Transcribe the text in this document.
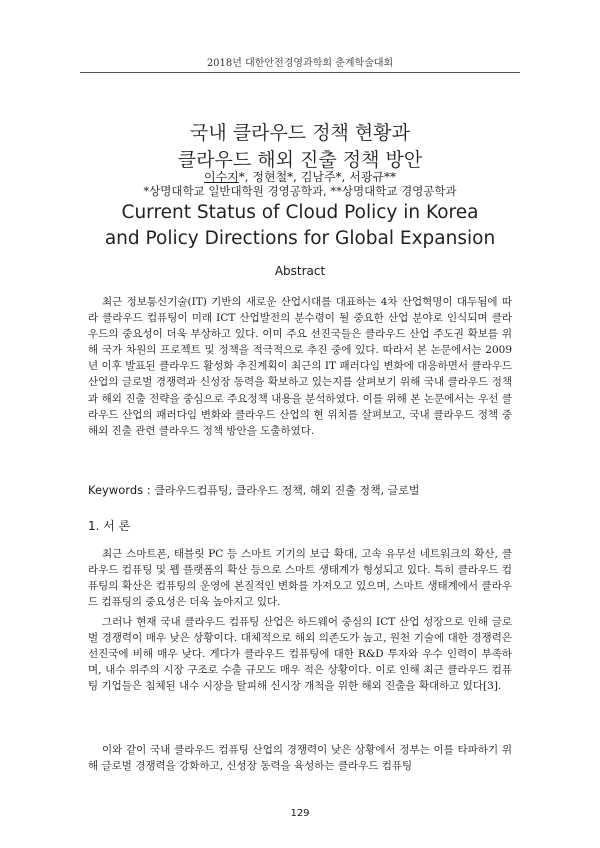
2018년 대한안전경영과학회 춘계학술대회
국내 클라우드 정책 현황과
클라우드 해외 진출 정책 방안
이수지*, 정현철*, 김남주*, 서광규**
*상명대학교 일반대학원 경영공학과, **상명대학교 경영공학과
Current Status of Cloud Policy in Korea
and Policy Directions for Global Expansion
Abstract

최근 정보통신기술(IT) 기반의 새로운 산업시대를 대표하는 4차 산업혁명이 대두됨에 따라 클라우드 컴퓨팅이 미래 ICT 산업발전의 분수령이 될 중요한 산업 분야로 인식되며 클라우드의 중요성이 더욱 부상하고 있다. 이미 주요 선진국들은 클라우드 산업 주도권 확보를 위해 국가 차원의 프로젝트 및 정책을 적극적으로 추진 중에 있다. 따라서 본 논문에서는 2009년 이후 발표된 클라우드 활성화 추진계획이 최근의 IT 패러다임 변화에 대응하면서 클라우드 산업의 글로벌 경쟁력과 신성장 동력을 확보하고 있는지를 살펴보기 위해 국내 클라우드 정책과 해외 진출 전략을 중심으로 주요정책 내용을 분석하였다. 이를 위해 본 논문에서는 우선 클라우드 산업의 패러다임 변화와 클라우드 산업의 현 위치를 살펴보고, 국내 클라우드 정책 중 해외 진출 관련 클라우드 정책 방안을 도출하였다.

Keywords : 클라우드컴퓨팅, 클라우드 정책, 해외 진출 정책, 글로벌
1. 서 론

최근 스마트폰, 태블릿 PC 등 스마트 기기의 보급 확대, 고속 유무선 네트워크의 확산, 클라우드 컴퓨팅 및 웹 플랫폼의 확산 등으로 스마트 생태계가 형성되고 있다. 특히 클라우드 컴퓨팅의 확산은 컴퓨팅의 운영에 본질적인 변화를 가져오고 있으며, 스마트 생태계에서 클라우드 컴퓨팅의 중요성은 더욱 높아지고 있다.

그러나 현재 국내 클라우드 컴퓨팅 산업은 하드웨어 중심의 ICT 산업 성장으로 인해 글로벌 경쟁력이 매우 낮은 상황이다. 대체적으로 해외 의존도가 높고, 원천 기술에 대한 경쟁력은 선진국에 비해 매우 낮다. 게다가 클라우드 컴퓨팅에 대한 R&D 투자와 우수 인력이 부족하며, 내수 위주의 시장 구조로 수출 규모도 매우 적은 상황이다. 이로 인해 최근 클라우드 컴퓨팅 기업들은 침체된 내수 시장을 탈피해 신시장 개척을 위한 해외 진출을 확대하고 있다[3].

이와 같이 국내 클라우드 컴퓨팅 산업의 경쟁력이 낮은 상황에서 정부는 이를 타파하기 위해 글로벌 경쟁력을 강화하고, 신성장 동력을 육성하는 클라우드 컴퓨팅

129
